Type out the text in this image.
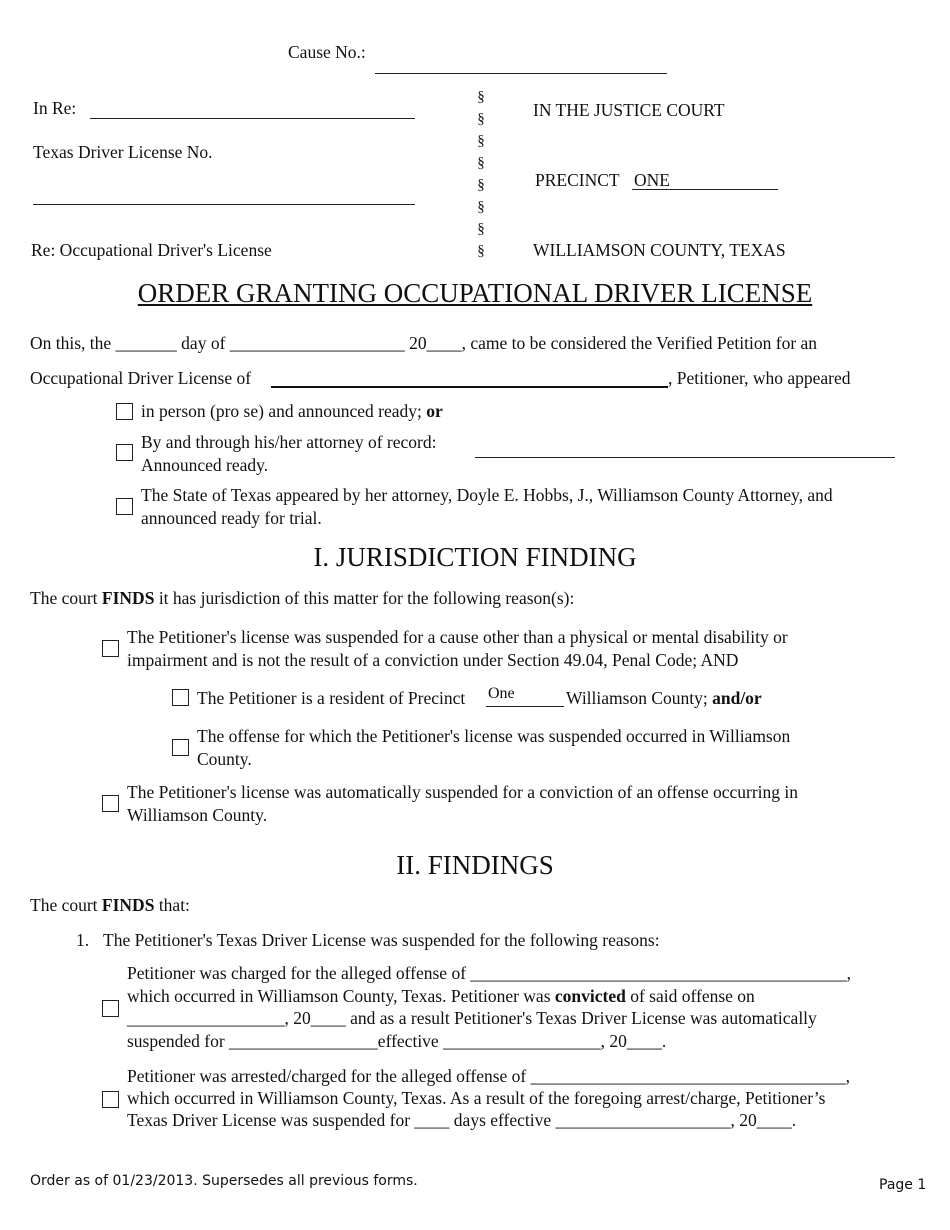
Cause No.:
In Re:
Texas Driver License No.
Re: Occupational Driver's License
§
§
§
§
§
§
§
§
IN THE JUSTICE COURT
PRECINCT ONE
WILLIAMSON COUNTY, TEXAS
ORDER GRANTING OCCUPATIONAL DRIVER LICENSE
On this, the _______ day of ____________________ 20____, came to be considered the Verified Petition for an
Occupational Driver License of	, Petitioner, who appeared
in person (pro se) and announced ready; or
By and through his/her attorney of record:
Announced ready.
The State of Texas appeared by her attorney, Doyle E. Hobbs, J., Williamson County Attorney, and announced ready for trial.
I. JURISDICTION FINDING
The court FINDS it has jurisdiction of this matter for the following reason(s):
The Petitioner's license was suspended for a cause other than a physical or mental disability or impairment and is not the result of a conviction under Section 49.04, Penal Code; AND
The Petitioner is a resident of Precinct One	Williamson County; and/or
The offense for which the Petitioner's license was suspended occurred in Williamson County.
The Petitioner's license was automatically suspended for a conviction of an offense occurring in Williamson County.
II. FINDINGS
The court FINDS that:
1. The Petitioner's Texas Driver License was suspended for the following reasons:
Petitioner was charged for the alleged offense of ___________________________________________,
which occurred in Williamson County, Texas. Petitioner was convicted of said offense on
__________________, 20____ and as a result Petitioner's Texas Driver License was automatically
suspended for _________________effective __________________, 20____.
Petitioner was arrested/charged for the alleged offense of ____________________________________,
which occurred in Williamson County, Texas. As a result of the foregoing arrest/charge, Petitioner’s
Texas Driver License was suspended for ____ days effective ____________________, 20____.
Order as of 01/23/2013. Supersedes all previous forms.	Page 1
